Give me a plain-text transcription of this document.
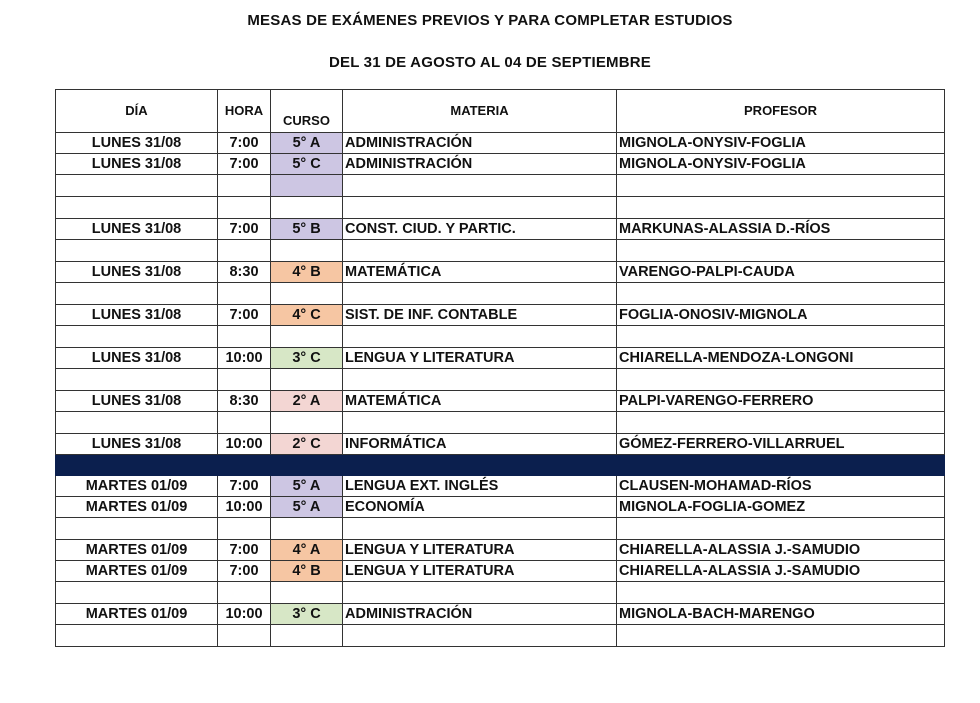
MESAS DE EXÁMENES PREVIOS Y PARA COMPLETAR ESTUDIOS
DEL 31 DE AGOSTO AL 04 DE SEPTIEMBRE
DÍA	HORA	CURSO	MATERIA	PROFESOR
LUNES 31/08	7:00	5° A	ADMINISTRACIÓN	MIGNOLA-ONYSIV-FOGLIA
LUNES 31/08	7:00	5° C	ADMINISTRACIÓN	MIGNOLA-ONYSIV-FOGLIA

LUNES 31/08	7:00	5° B	CONST. CIUD. Y PARTIC.	MARKUNAS-ALASSIA D.-RÍOS

LUNES 31/08	8:30	4° B	MATEMÁTICA	VARENGO-PALPI-CAUDA

LUNES 31/08	7:00	4° C	SIST. DE INF. CONTABLE	FOGLIA-ONOSIV-MIGNOLA

LUNES 31/08	10:00	3° C	LENGUA Y LITERATURA	CHIARELLA-MENDOZA-LONGONI

LUNES 31/08	8:30	2° A	MATEMÁTICA	PALPI-VARENGO-FERRERO

LUNES 31/08	10:00	2° C	INFORMÁTICA	GÓMEZ-FERRERO-VILLARRUEL

MARTES 01/09	7:00	5° A	LENGUA EXT. INGLÉS	CLAUSEN-MOHAMAD-RÍOS
MARTES 01/09	10:00	5° A	ECONOMÍA	MIGNOLA-FOGLIA-GOMEZ

MARTES 01/09	7:00	4° A	LENGUA Y LITERATURA	CHIARELLA-ALASSIA J.-SAMUDIO
MARTES 01/09	7:00	4° B	LENGUA Y LITERATURA	CHIARELLA-ALASSIA J.-SAMUDIO

MARTES 01/09	10:00	3° C	ADMINISTRACIÓN	MIGNOLA-BACH-MARENGO
